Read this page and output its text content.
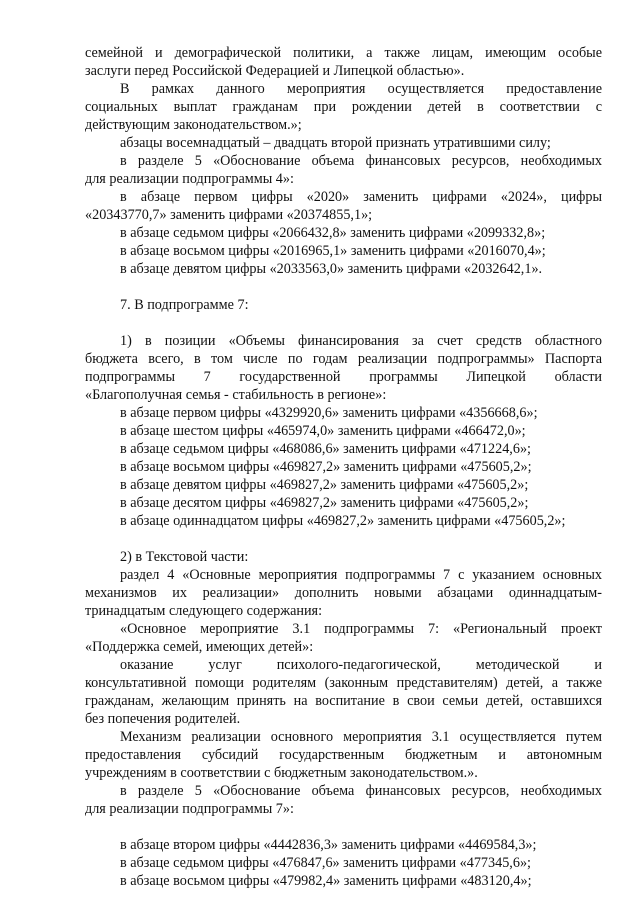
семейной и демографической политики, а также лицам, имеющим особые
заслуги перед Российской Федерацией и Липецкой областью».
В рамках данного мероприятия осуществляется предоставление
социальных выплат гражданам при рождении детей в соответствии с
действующим законодательством.»;
абзацы восемнадцатый – двадцать второй признать утратившими силу;
в разделе 5 «Обоснование объема финансовых ресурсов, необходимых
для реализации подпрограммы 4»:
в абзаце первом цифры «2020» заменить цифрами «2024», цифры
«20343770,7» заменить цифрами «20374855,1»;
в абзаце седьмом цифры «2066432,8» заменить цифрами «2099332,8»;
в абзаце восьмом цифры «2016965,1» заменить цифрами «2016070,4»;
в абзаце девятом цифры «2033563,0» заменить цифрами «2032642,1».
7. В подпрограмме 7:
1) в позиции «Объемы финансирования за счет средств областного
бюджета всего, в том числе по годам реализации подпрограммы» Паспорта
подпрограммы 7 государственной программы Липецкой области
«Благополучная семья - стабильность в регионе»:
в абзаце первом цифры «4329920,6» заменить цифрами «4356668,6»;
в абзаце шестом цифры «465974,0» заменить цифрами «466472,0»;
в абзаце седьмом цифры «468086,6» заменить цифрами «471224,6»;
в абзаце восьмом цифры «469827,2» заменить цифрами «475605,2»;
в абзаце девятом цифры «469827,2» заменить цифрами «475605,2»;
в абзаце десятом цифры «469827,2» заменить цифрами «475605,2»;
в абзаце одиннадцатом цифры «469827,2» заменить цифрами «475605,2»;
2) в Текстовой части:
раздел 4 «Основные мероприятия подпрограммы 7 с указанием основных
механизмов их реализации» дополнить новыми абзацами одиннадцатым-
тринадцатым следующего содержания:
«Основное мероприятие 3.1 подпрограммы 7: «Региональный проект
«Поддержка семей, имеющих детей»:
оказание услуг психолого-педагогической, методической и
консультативной помощи родителям (законным представителям) детей, а также
гражданам, желающим принять на воспитание в свои семьи детей, оставшихся
без попечения родителей.
Механизм реализации основного мероприятия 3.1 осуществляется путем
предоставления субсидий государственным бюджетным и автономным
учреждениям в соответствии с бюджетным законодательством.».
в разделе 5 «Обоснование объема финансовых ресурсов, необходимых
для реализации подпрограммы 7»:
в абзаце втором цифры «4442836,3» заменить цифрами «4469584,3»;
в абзаце седьмом цифры «476847,6» заменить цифрами «477345,6»;
в абзаце восьмом цифры «479982,4» заменить цифрами «483120,4»;
